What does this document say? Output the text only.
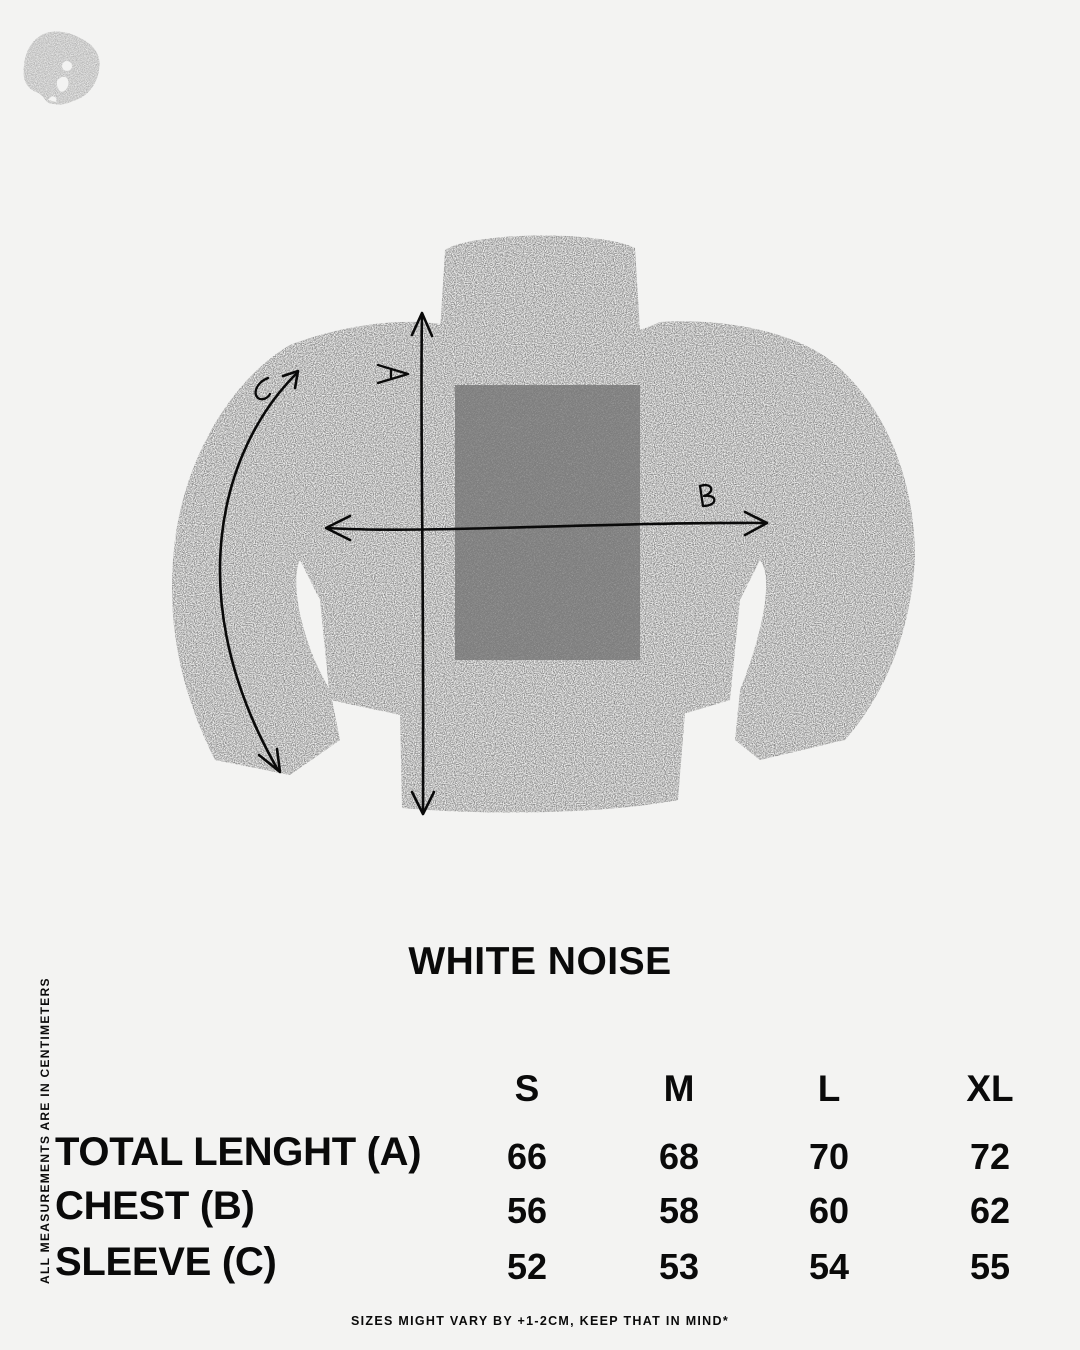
WHITE NOISE
ALL MEASUREMENTS ARE IN CENTIMETERS	S	M	L	XL
TOTAL LENGHT (A)	66	68	70	72
CHEST (B)	56	58	60	62
SLEEVE (C)	52	53	54	55
SIZES MIGHT VARY BY +1-2CM, KEEP THAT IN MIND*
